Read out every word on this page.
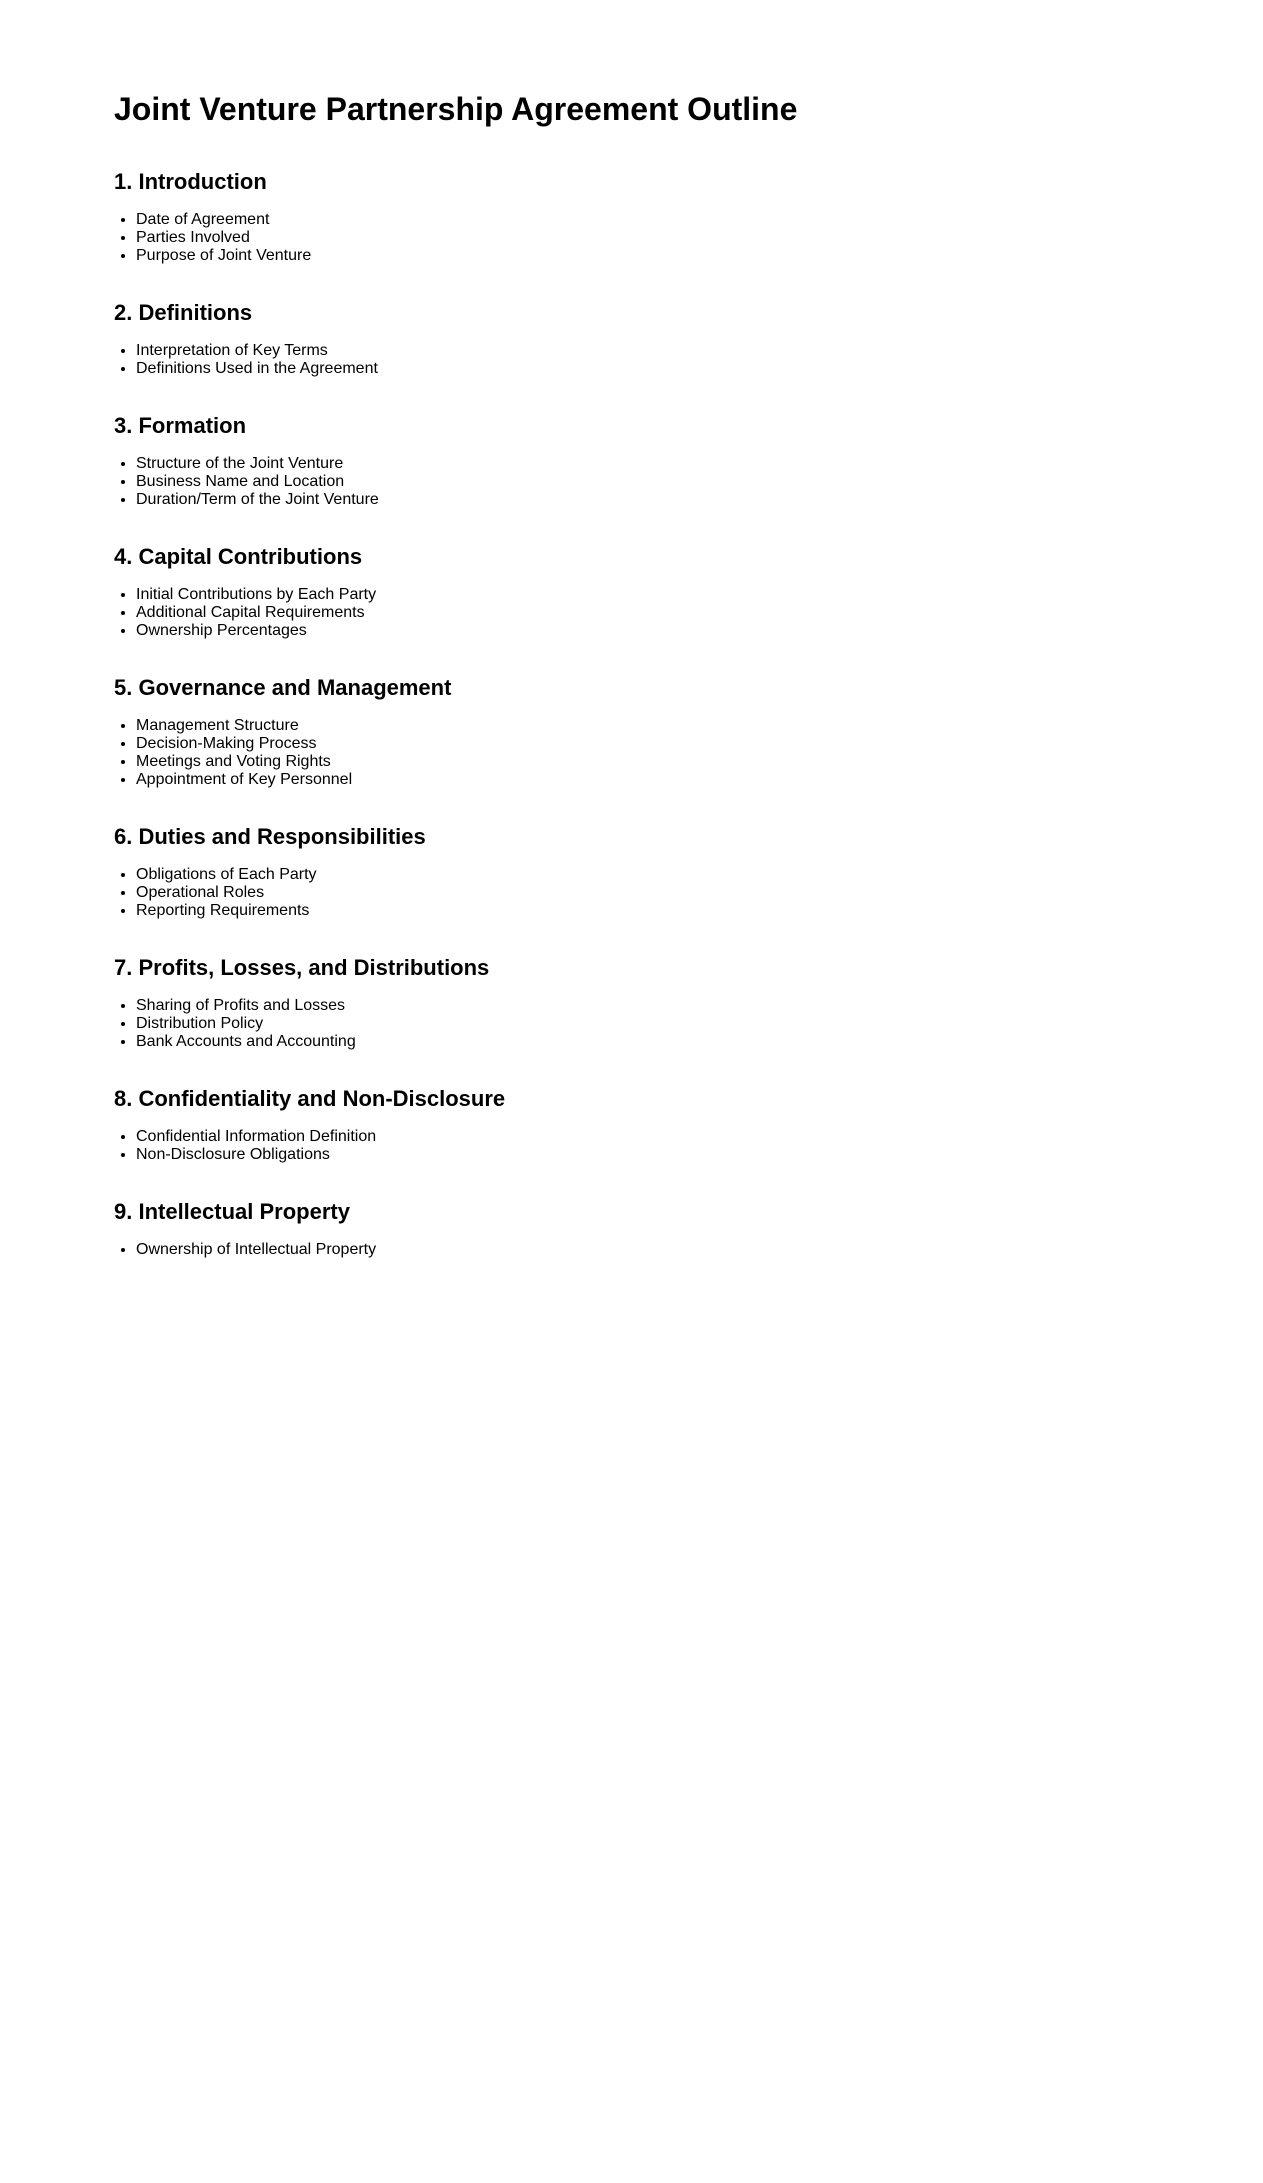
Joint Venture Partnership Agreement Outline
1. Introduction
• Date of Agreement
• Parties Involved
• Purpose of Joint Venture
2. Definitions
• Interpretation of Key Terms
• Definitions Used in the Agreement
3. Formation
• Structure of the Joint Venture
• Business Name and Location
• Duration/Term of the Joint Venture
4. Capital Contributions
• Initial Contributions by Each Party
• Additional Capital Requirements
• Ownership Percentages
5. Governance and Management
• Management Structure
• Decision-Making Process
• Meetings and Voting Rights
• Appointment of Key Personnel
6. Duties and Responsibilities
• Obligations of Each Party
• Operational Roles
• Reporting Requirements
7. Profits, Losses, and Distributions
• Sharing of Profits and Losses
• Distribution Policy
• Bank Accounts and Accounting
8. Confidentiality and Non-Disclosure
• Confidential Information Definition
• Non-Disclosure Obligations
9. Intellectual Property
• Ownership of Intellectual Property
